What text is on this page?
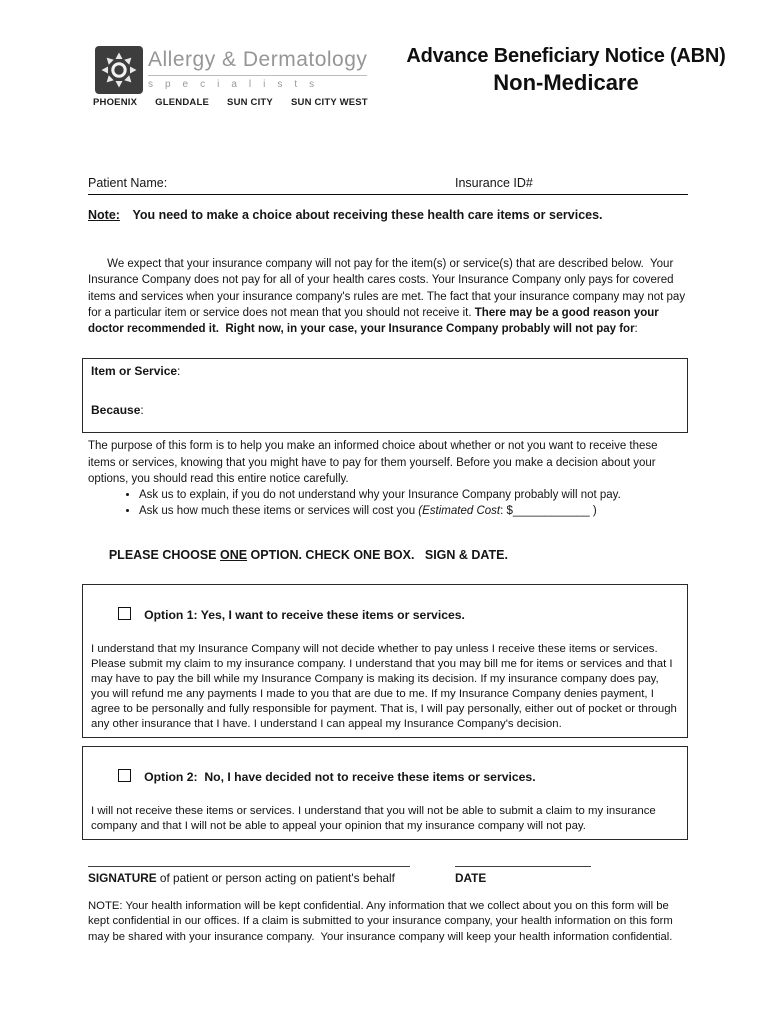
Allergy & Dermatology
specialists
PHOENIX GLENDALE SUN CITY SUN CITY WEST
Advance Beneficiary Notice (ABN)
Non-Medicare
Patient Name:	Insurance ID#
Note: You need to make a choice about receiving these health care items or services.

We expect that your insurance company will not pay for the item(s) or service(s) that are described below.  Your Insurance Company does not pay for all of your health cares costs. Your Insurance Company only pays for covered items and services when your insurance company's rules are met. The fact that your insurance company may not pay for a particular item or service does not mean that you should not receive it. There may be a good reason your doctor recommended it.  Right now, in your case, your Insurance Company probably will not pay for:

Item or Service:
Because:
The purpose of this form is to help you make an informed choice about whether or not you want to receive these items or services, knowing that you might have to pay for them yourself. Before you make a decision about your options, you should read this entire notice carefully.
• Ask us to explain, if you do not understand why your Insurance Company probably will not pay.
• Ask us how much these items or services will cost you (Estimated Cost: $____________ )

PLEASE CHOOSE ONE OPTION. CHECK ONE BOX.   SIGN & DATE.

Option 1: Yes, I want to receive these items or services.

I understand that my Insurance Company will not decide whether to pay unless I receive these items or services. Please submit my claim to my insurance company. I understand that you may bill me for items or services and that I may have to pay the bill while my Insurance Company is making its decision. If my insurance company does pay, you will refund me any payments I made to you that are due to me. If my Insurance Company denies payment, I agree to be personally and fully responsible for payment. That is, I will pay personally, either out of pocket or through any other insurance that I have. I understand I can appeal my Insurance Company's decision.

Option 2:  No, I have decided not to receive these items or services.

I will not receive these items or services. I understand that you will not be able to submit a claim to my insurance company and that I will not be able to appeal your opinion that my insurance company will not pay.
SIGNATURE of patient or person acting on patient's behalf	DATE
NOTE: Your health information will be kept confidential. Any information that we collect about you on this form will be kept confidential in our offices. If a claim is submitted to your insurance company, your health information on this form may be shared with your insurance company.  Your insurance company will keep your health information confidential.
